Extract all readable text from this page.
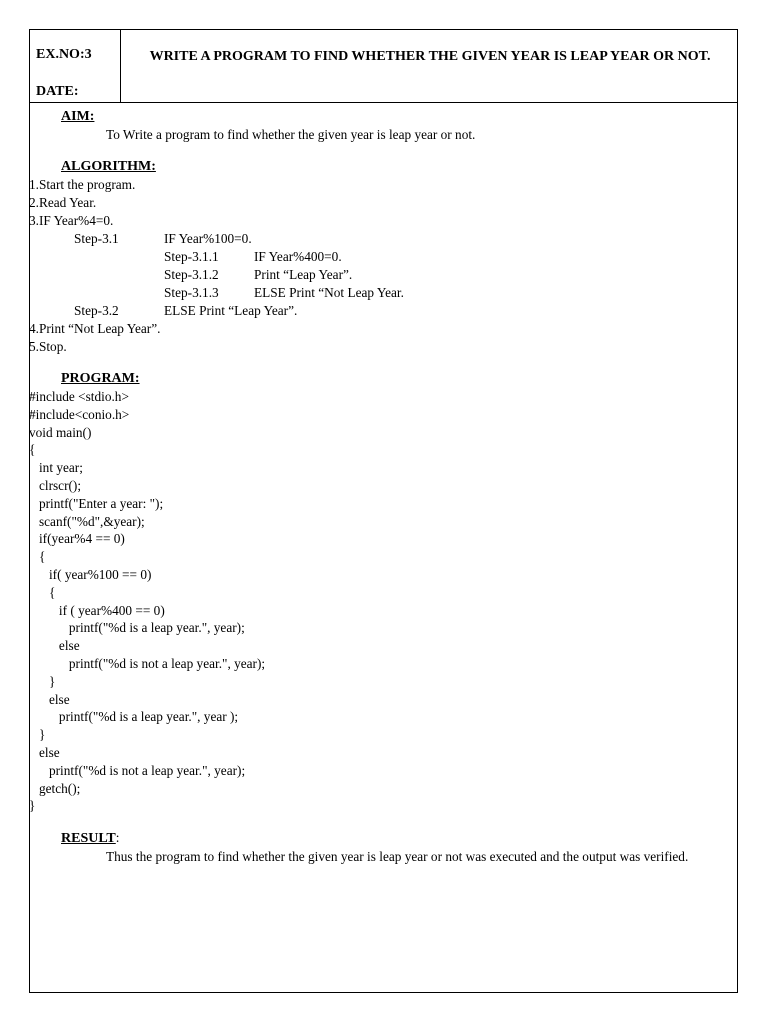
EX.NO:3
DATE:
WRITE A PROGRAM TO FIND WHETHER THE GIVEN YEAR IS LEAP YEAR OR NOT.

AIM:

To Write a program to find whether the given year is leap year or not.

ALGORITHM:

1.Start the program.

2.Read Year.

3.IF Year%4=0.

Step-3.1	IF Year%100=0.
Step-3.1.1	IF Year%400=0.
Step-3.1.2	Print “Leap Year”.
Step-3.1.3	ELSE Print “Not Leap Year.
Step-3.2	ELSE Print “Leap Year”.

4.Print “Not Leap Year”.

5.Stop.

PROGRAM:

#include <stdio.h>
#include<conio.h>
void main()
{
int year;
clrscr();
printf("Enter a year: ");
scanf("%d",&year);
if(year%4 == 0)
{
if( year%100 == 0)
{
if ( year%400 == 0)
printf("%d is a leap year.", year);
else
printf("%d is not a leap year.", year);
}
else
printf("%d is a leap year.", year );
}
else
printf("%d is not a leap year.", year);
getch();
}

RESULT:

Thus the program to find whether the given year is leap year or not was executed and the output was verified.
